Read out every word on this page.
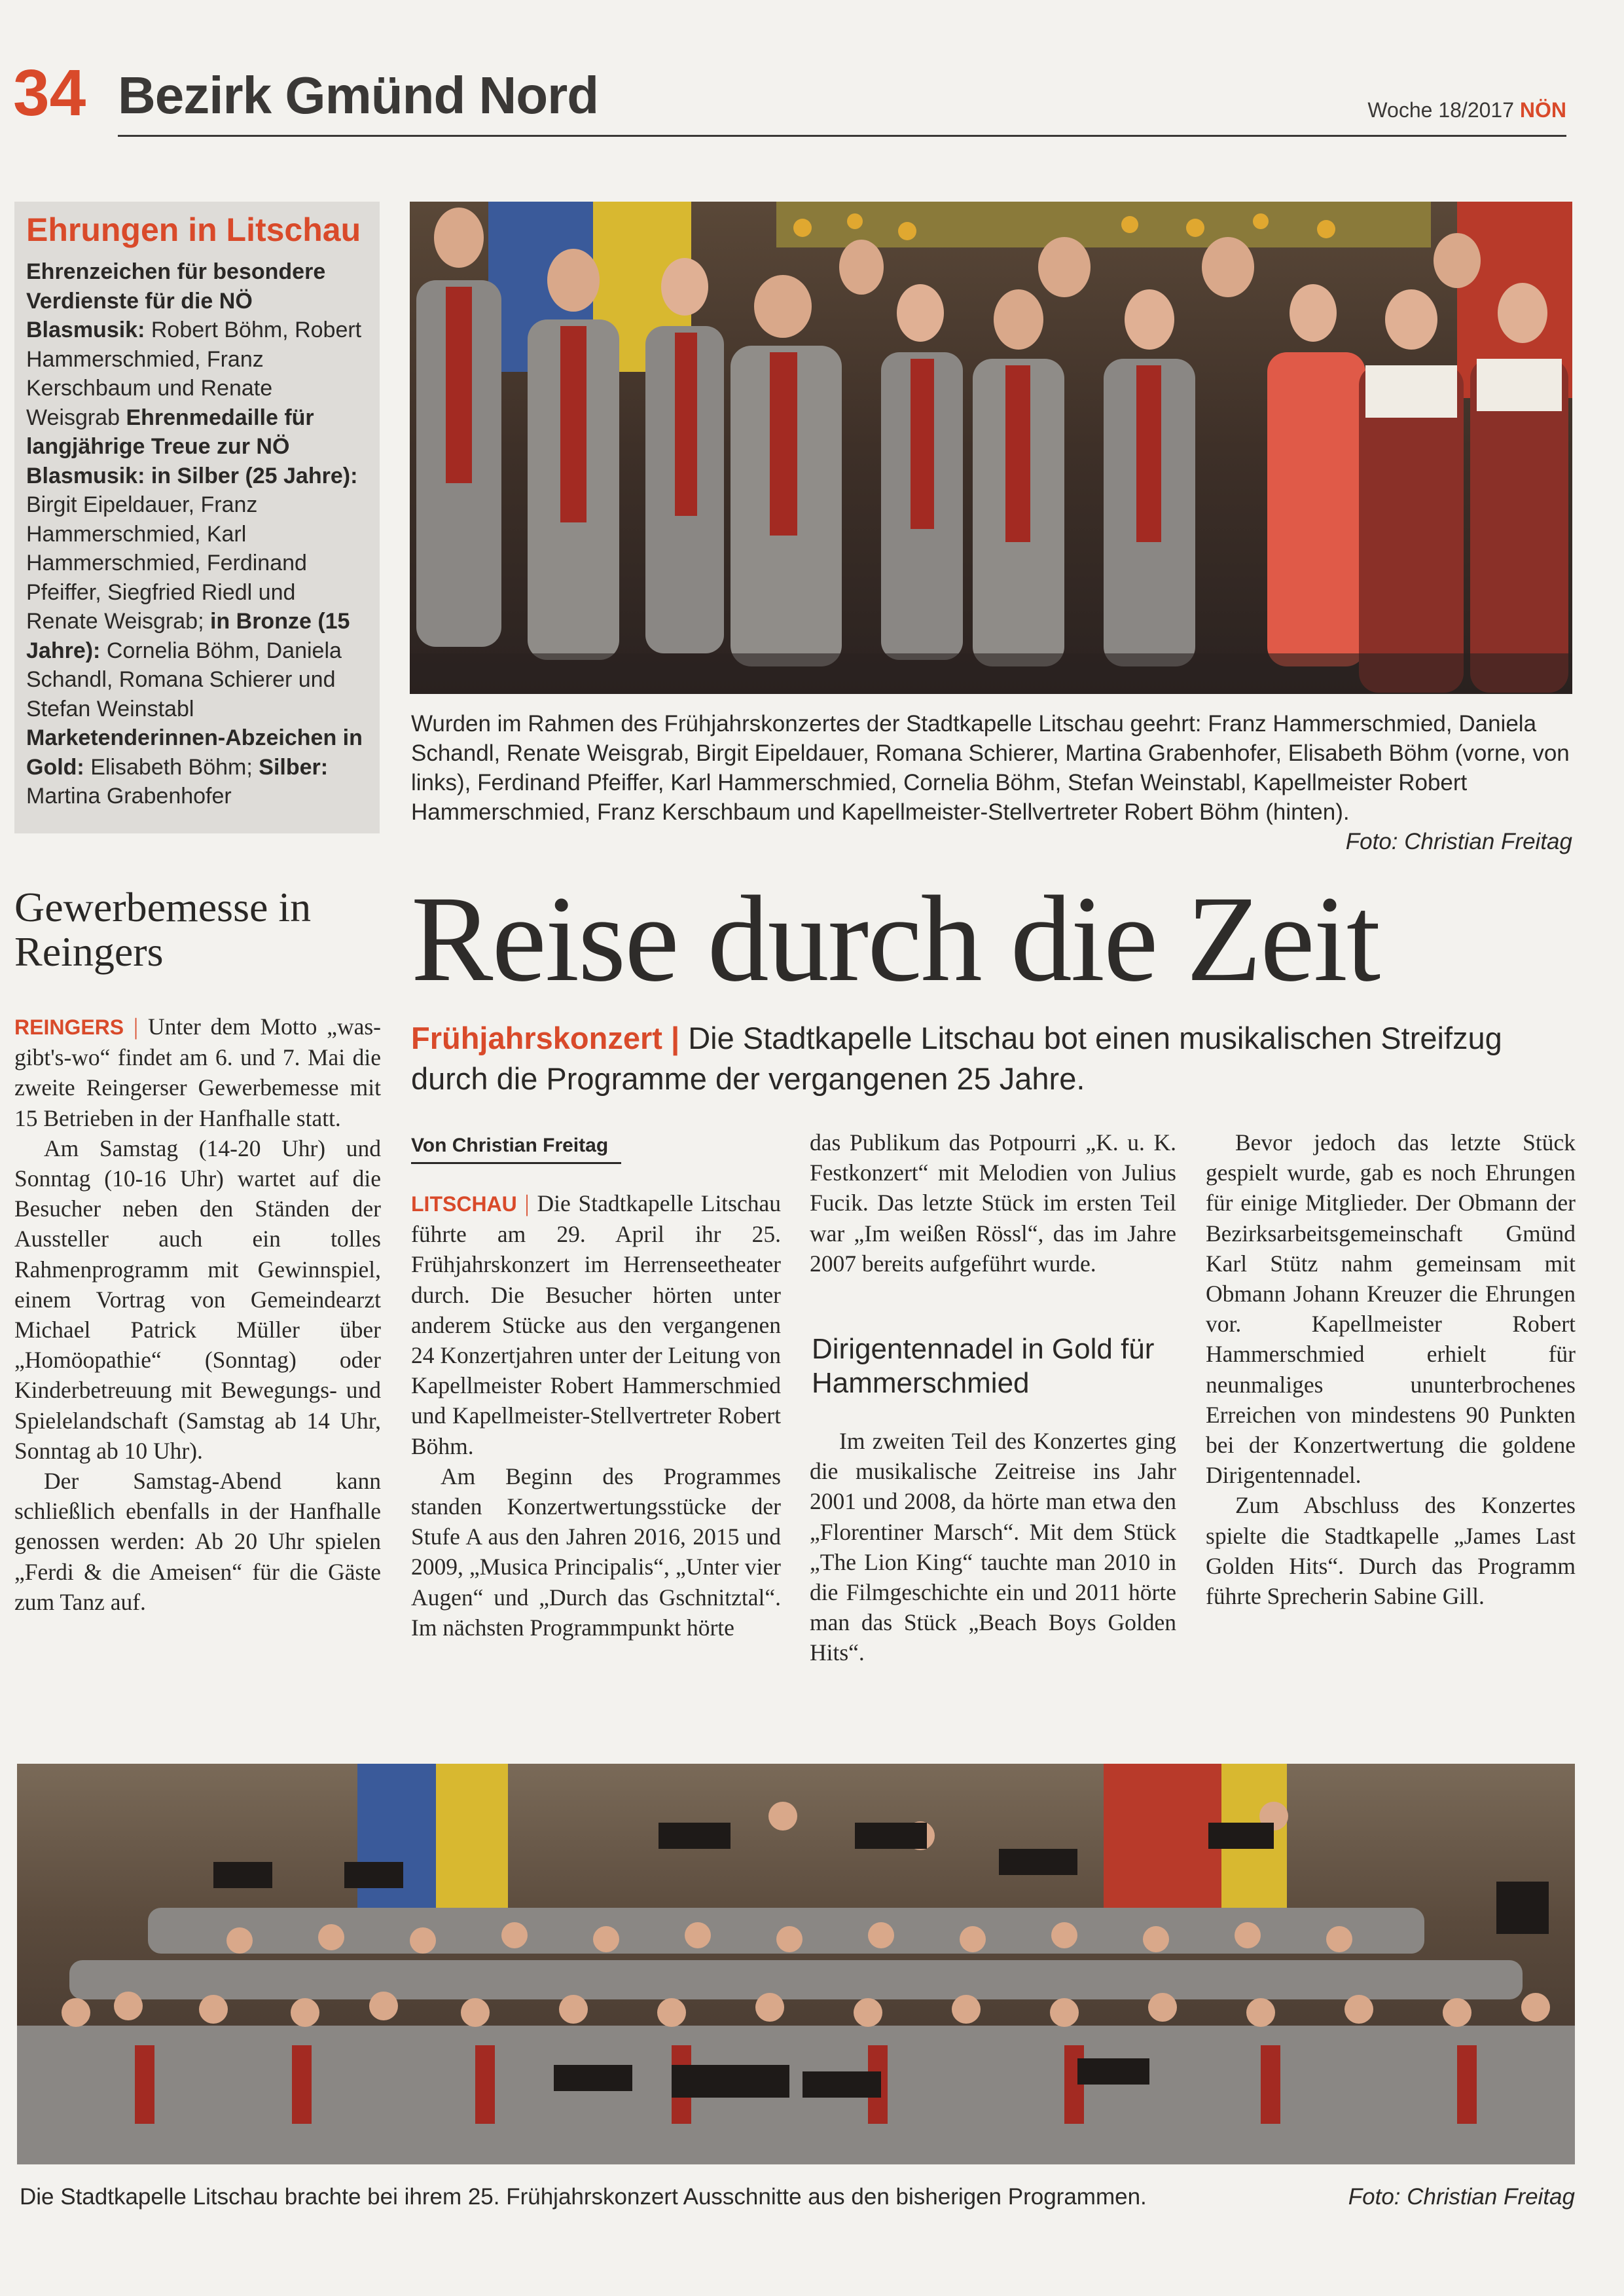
34 Bezirk Gmünd Nord	Woche 18/2017 NÖN
Ehrungen in Litschau
Ehrenzeichen für besondere Verdienste für die NÖ Blasmusik: Robert Böhm, Robert Hammerschmied, Franz Kerschbaum und Renate Weisgrab Ehrenmedaille für langjährige Treue zur NÖ Blasmusik: in Silber (25 Jahre): Birgit Eipeldauer, Franz Hammerschmied, Karl Hammerschmied, Ferdinand Pfeiffer, Siegfried Riedl und Renate Weisgrab; in Bronze (15 Jahre): Cornelia Böhm, Daniela Schandl, Romana Schierer und Stefan Weinstabl Marketenderinnen-Abzeichen in Gold: Elisabeth Böhm; Silber: Martina Grabenhofer
Wurden im Rahmen des Frühjahrskonzertes der Stadtkapelle Litschau geehrt: Franz Hammerschmied, Daniela Schandl, Renate Weisgrab, Birgit Eipeldauer, Romana Schierer, Martina Grabenhofer, Elisabeth Böhm (vorne, von links), Ferdinand Pfeiffer, Karl Hammerschmied, Cornelia Böhm, Stefan Weinstabl, Kapellmeister Robert Hammerschmied, Franz Kerschbaum und Kapellmeister-Stellvertreter Robert Böhm (hinten).
Foto: Christian Freitag
Gewerbemesse in Reingers

REINGERS | Unter dem Motto „was-gibt's-wo“ findet am 6. und 7. Mai die zweite Reingerser Gewerbemesse mit 15 Betrieben in der Hanfhalle statt.

Am Samstag (14-20 Uhr) und Sonntag (10-16 Uhr) wartet auf die Besucher neben den Ständen der Aussteller auch ein tolles Rahmenprogramm mit Gewinnspiel, einem Vortrag von Gemeindearzt Michael Patrick Müller über „Homöopathie“ (Sonntag) oder Kinderbetreuung mit Bewegungs- und Spielelandschaft (Samstag ab 14 Uhr, Sonntag ab 10 Uhr).

Der Samstag-Abend kann schließlich ebenfalls in der Hanfhalle genossen werden: Ab 20 Uhr spielen „Ferdi & die Ameisen“ für die Gäste zum Tanz auf.

Reise durch die Zeit
Frühjahrskonzert | Die Stadtkapelle Litschau bot einen musikalischen Streifzug durch die Programme der vergangenen 25 Jahre.
Von Christian Freitag

LITSCHAU | Die Stadtkapelle Litschau führte am 29. April ihr 25. Frühjahrskonzert im Herrenseetheater durch. Die Besucher hörten unter anderem Stücke aus den vergangenen 24 Konzertjahren unter der Leitung von Kapellmeister Robert Hammerschmied und Kapellmeister-Stellvertreter Robert Böhm.

Am Beginn des Programmes standen Konzertwertungsstücke der Stufe A aus den Jahren 2016, 2015 und 2009, „Musica Principalis“, „Unter vier Augen“ und „Durch das Gschnitztal“. Im nächsten Programmpunkt hörte

das Publikum das Potpourri „K. u. K. Festkonzert“ mit Melodien von Julius Fucik. Das letzte Stück im ersten Teil war „Im weißen Rössl“, das im Jahre 2007 bereits aufgeführt wurde.

Dirigentennadel in Gold für Hammerschmied

Im zweiten Teil des Konzertes ging die musikalische Zeitreise ins Jahr 2001 und 2008, da hörte man etwa den „Florentiner Marsch“. Mit dem Stück „The Lion King“ tauchte man 2010 in die Filmgeschichte ein und 2011 hörte man das Stück „Beach Boys Golden Hits“.

Bevor jedoch das letzte Stück gespielt wurde, gab es noch Ehrungen für einige Mitglieder. Der Obmann der Bezirksarbeitsgemeinschaft Gmünd Karl Stütz nahm gemeinsam mit Obmann Johann Kreuzer die Ehrungen vor. Kapellmeister Robert Hammerschmied erhielt für neunmaliges ununterbrochenes Erreichen von mindestens 90 Punkten bei der Konzertwertung die goldene Dirigentennadel.

Zum Abschluss des Konzertes spielte die Stadtkapelle „James Last Golden Hits“. Durch das Programm führte Sprecherin Sabine Gill.

Die Stadtkapelle Litschau brachte bei ihrem 25. Frühjahrskonzert Ausschnitte aus den bisherigen Programmen.	Foto: Christian Freitag
